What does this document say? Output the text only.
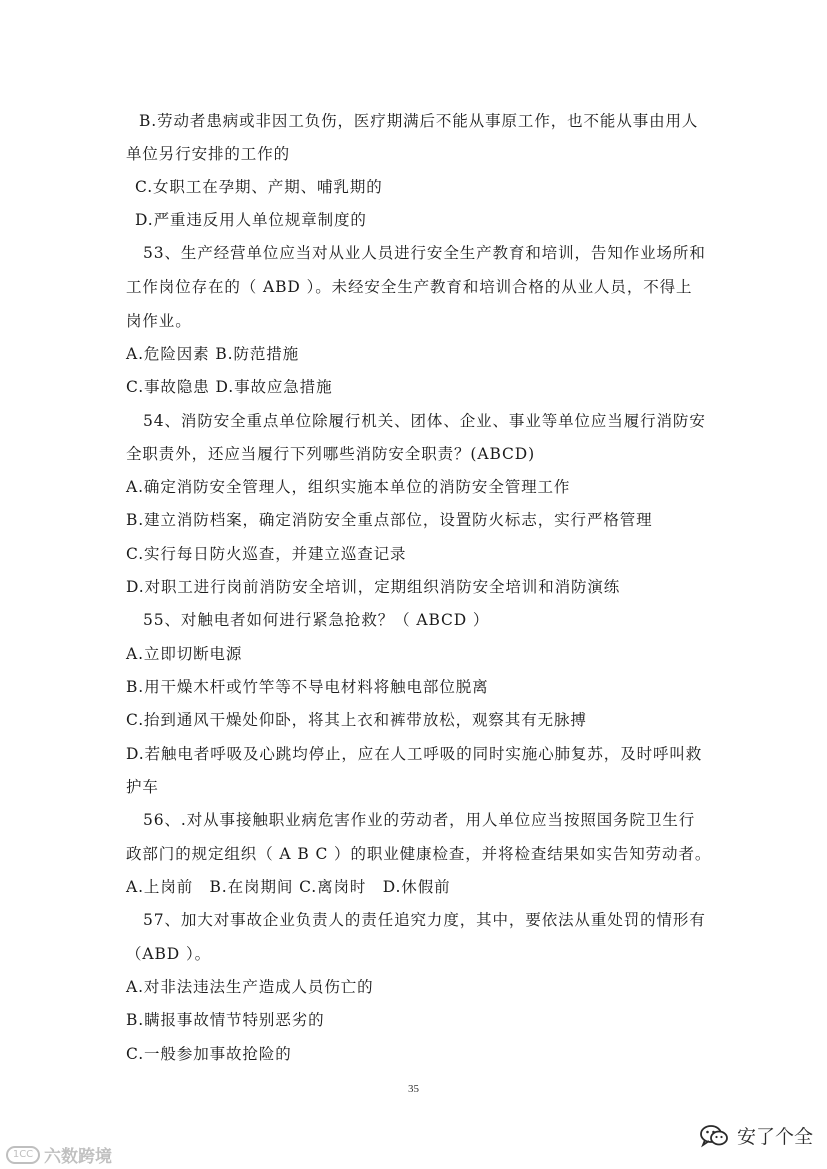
B.劳动者患病或非因工负伤，医疗期满后不能从事原工作，也不能从事由用人
单位另行安排的工作的
C.女职工在孕期、产期、哺乳期的
D.严重违反用人单位规章制度的
53、生产经营单位应当对从业人员进行安全生产教育和培训，告知作业场所和
工作岗位存在的（ ABD ）。未经安全生产教育和培训合格的从业人员，不得上
岗作业。
A.危险因素 B.防范措施
C.事故隐患 D.事故应急措施
54、消防安全重点单位除履行机关、团体、企业、事业等单位应当履行消防安
全职责外，还应当履行下列哪些消防安全职责？(ABCD)
A.确定消防安全管理人，组织实施本单位的消防安全管理工作
B.建立消防档案，确定消防安全重点部位，设置防火标志，实行严格管理
C.实行每日防火巡查，并建立巡查记录
D.对职工进行岗前消防安全培训，定期组织消防安全培训和消防演练
55、对触电者如何进行紧急抢救？（ ABCD ）
A.立即切断电源
B.用干燥木杆或竹竿等不导电材料将触电部位脱离
C.抬到通风干燥处仰卧，将其上衣和裤带放松，观察其有无脉搏
D.若触电者呼吸及心跳均停止，应在人工呼吸的同时实施心肺复苏，及时呼叫救
护车
56、.对从事接触职业病危害作业的劳动者，用人单位应当按照国务院卫生行
政部门的规定组织（ A B C ）的职业健康检查，并将检查结果如实告知劳动者。
A.上岗前　B.在岗期间 C.离岗时　D.休假前
57、加大对事故企业负责人的责任追究力度，其中，要依法从重处罚的情形有
（ABD ）。
A.对非法违法生产造成人员伤亡的
B.瞒报事故情节特别恶劣的
C.一般参加事故抢险的
35
1CC 六数跨境
安了个全
